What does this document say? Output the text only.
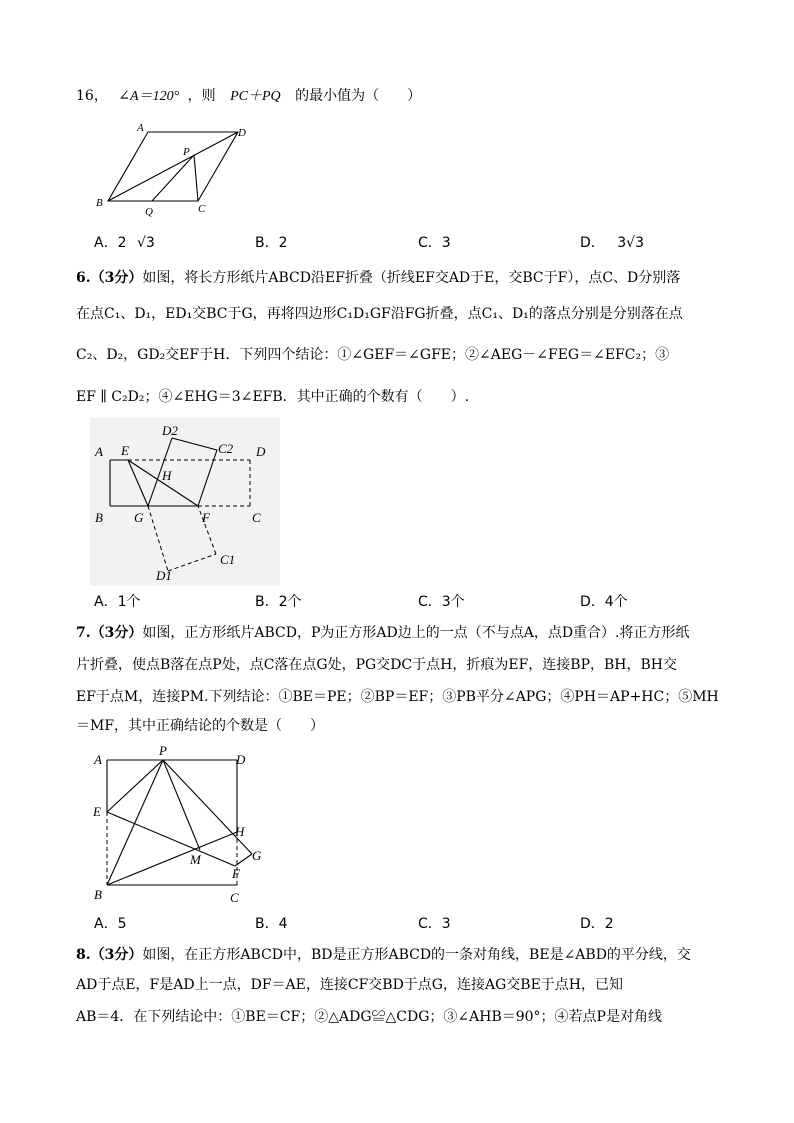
16， ∠A＝120° ，则 PC＋PQ 的最小值为（　　）
A	D
P
B
Q	C
A．2 √3	B．2	C．3	D． 3√3
6.（3分）如图，将长方形纸片ABCD沿EF折叠（折线EF交AD于E，交BC于F），点C、D分别落
在点C₁、D₁，ED₁交BC于G，再将四边形C₁D₁GF沿FG折叠，点C₁、D₁的落点分别是分别落在点
C₂、D₂，GD₂交EF于H．下列四个结论：①∠GEF＝∠GFE；②∠AEG－∠FEG＝∠EFC₂；③
EF ∥ C₂D₂；④∠EHG＝3∠EFB．其中正确的个数有（　　）.
D2
C2
A E	D
H
B G	F	C
C1
D1
A．1个	B．2个	C．3个	D．4个
7.（3分）如图，正方形纸片ABCD，P为正方形AD边上的一点（不与点A，点D重合）.将正方形纸
片折叠，使点B落在点P处，点C落在点G处，PG交DC于点H，折痕为EF，连接BP，BH，BH交
EF于点M，连接PM.下列结论：①BE＝PE；②BP＝EF；③PB平分∠APG；④PH＝AP+HC；⑤MH
＝MF，其中正确结论的个数是（　　）
P
A	D
E
H
G
M
F
B	C
A．5	B．4	C．3	D．2
8.（3分）如图，在正方形ABCD中，BD是正方形ABCD的一条对角线，BE是∠ABD的平分线，交
AD于点E，F是AD上一点，DF＝AE，连接CF交BD于点G，连接AG交BE于点H，已知
AB＝4．在下列结论中：①BE＝CF；②△ADG≌△CDG；③∠AHB＝90°；④若点P是对角线
